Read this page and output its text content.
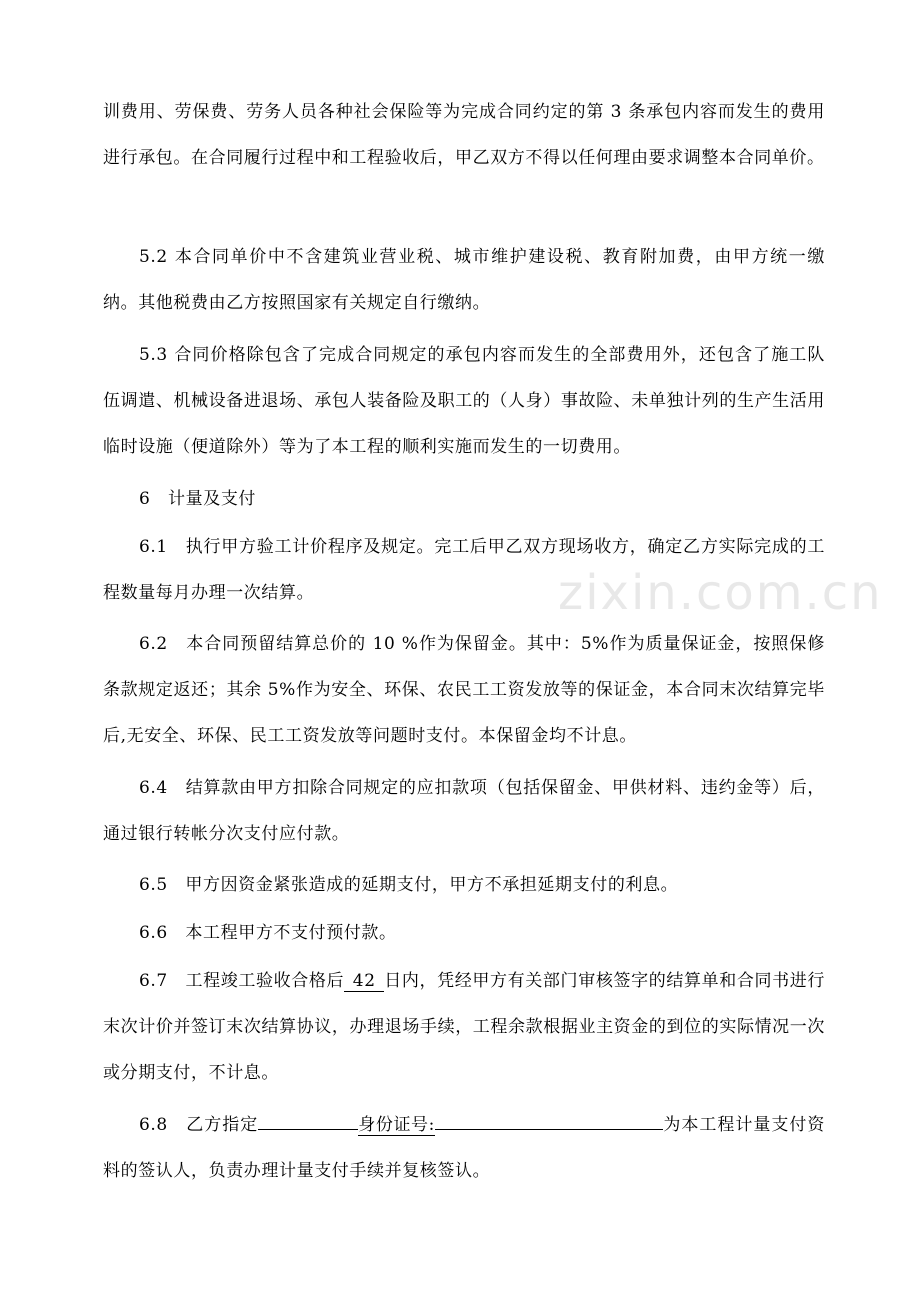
zixin.com.cn

训费用、劳保费、劳务人员各种社会保险等为完成合同约定的第 3 条承包内容而发生的费用进行承包。在合同履行过程中和工程验收后，甲乙双方不得以任何理由要求调整本合同单价。

5.2 本合同单价中不含建筑业营业税、城市维护建设税、教育附加费，由甲方统一缴纳。其他税费由乙方按照国家有关规定自行缴纳。

5.3 合同价格除包含了完成合同规定的承包内容而发生的全部费用外，还包含了施工队伍调遣、机械设备进退场、承包人装备险及职工的（人身）事故险、未单独计列的生产生活用临时设施（便道除外）等为了本工程的顺利实施而发生的一切费用。

6　计量及支付

6.1　执行甲方验工计价程序及规定。完工后甲乙双方现场收方，确定乙方实际完成的工程数量每月办理一次结算。

6.2　本合同预留结算总价的 10 %作为保留金。其中：5%作为质量保证金，按照保修条款规定返还；其余 5%作为安全、环保、农民工工资发放等的保证金，本合同末次结算完毕后,无安全、环保、民工工资发放等问题时支付。本保留金均不计息。

6.4　结算款由甲方扣除合同规定的应扣款项（包括保留金、甲供材料、违约金等）后，通过银行转帐分次支付应付款。

6.5　甲方因资金紧张造成的延期支付，甲方不承担延期支付的利息。

6.6　本工程甲方不支付预付款。

6.7　工程竣工验收合格后 42 日内，凭经甲方有关部门审核签字的结算单和合同书进行末次计价并签订末次结算协议，办理退场手续，工程余款根据业主资金的到位的实际情况一次或分期支付，不计息。

6.8　乙方指定	身份证号:	为本工程计量支付资料的签认人，负责办理计量支付手续并复核签认。
